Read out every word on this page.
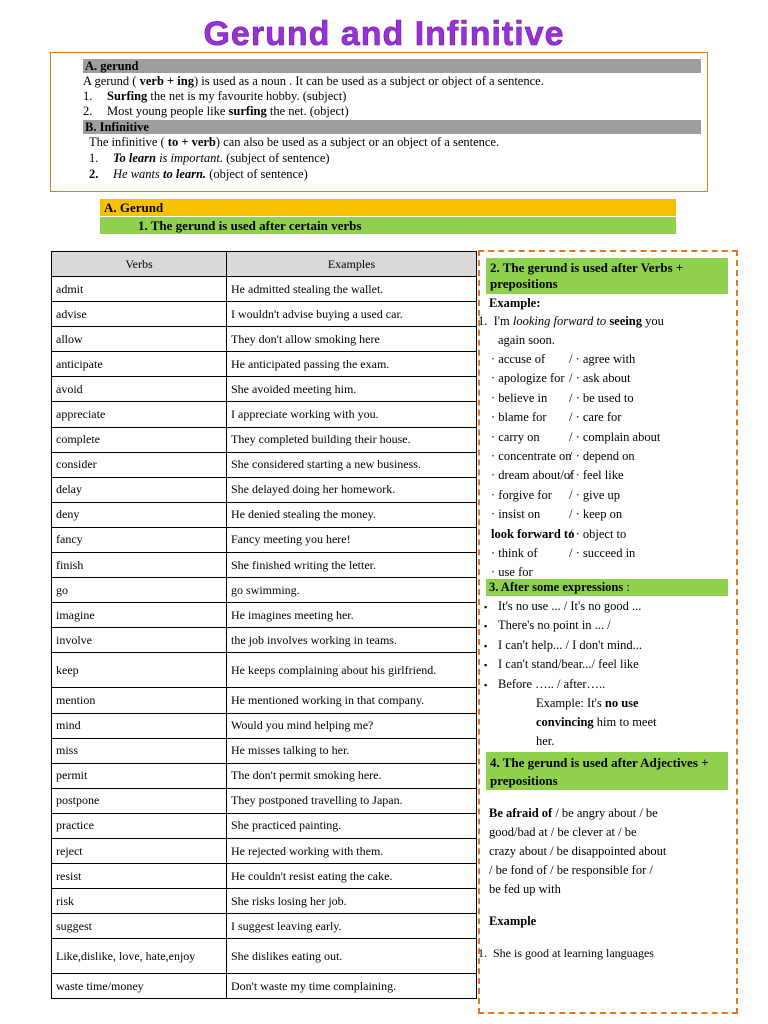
Gerund and Infinitive
A. gerund
A gerund ( verb + ing) is used as a noun . It can be used as a subject or object of a sentence.
1. Surfing the net is my favourite hobby. (subject)
2. Most young people like surfing the net. (object)
B. Infinitive
The infinitive ( to + verb) can also be used as a subject or an object of a sentence.
1. To learn is important. (subject of sentence)
2. He wants to learn. (object of sentence)
A. Gerund
1. The gerund is used after certain verbs
Verbs	Examples
admit	He admitted stealing the wallet.
advise	I wouldn't advise buying a used car.
allow	They don't allow smoking here
anticipate	He anticipated passing the exam.
avoid	She avoided meeting him.
appreciate	I appreciate working with you.
complete	They completed building their house.
consider	She considered starting a new business.
delay	She delayed doing her homework.
deny	He denied stealing the money.
fancy	Fancy meeting you here!
finish	She finished writing the letter.
go	go swimming.
imagine	He imagines meeting her.
involve	the job involves working in teams.
keep	He keeps complaining about his girlfriend.
mention	He mentioned working in that company.
mind	Would you mind helping me?
miss	He misses talking to her.
permit	The don't permit smoking here.
postpone	They postponed travelling to Japan.
practice	She practiced painting.
reject	He rejected working with them.
resist	He couldn't resist eating the cake.
risk	She risks losing her job.
suggest	I suggest leaving early.
Like,dislike, love, hate,enjoy	She dislikes eating out.
waste time/money	Don't waste my time complaining.
2. The gerund is used after Verbs + prepositions
Example:
1. I'm looking forward to seeing you
again soon.
· accuse of / · agree with
· apologize for / · ask about
· believe in / · be used to
· blame for / · care for
· carry on / · complain about
· concentrate on/ · depend on
· dream about/of/ · feel like
· forgive for / · give up
· insist on / · keep on
look forward to/ · object to
· think of	/ · succeed in
· use for
3. After some expressions :
▪ It's no use ... / It's no good ...
▪ There's no point in ... /
▪ I can't help... / I don't mind...
▪ I can't stand/bear.../ feel like
▪ Before ….. / after…..
Example: It's no use
convincing him to meet
her.
4. The gerund is used after Adjectives + prepositions
Be afraid of / be angry about / be
good/bad at / be clever at / be
crazy about / be disappointed about
/ be fond of / be responsible for /
be fed up with
Example
1. She is good at learning languages
